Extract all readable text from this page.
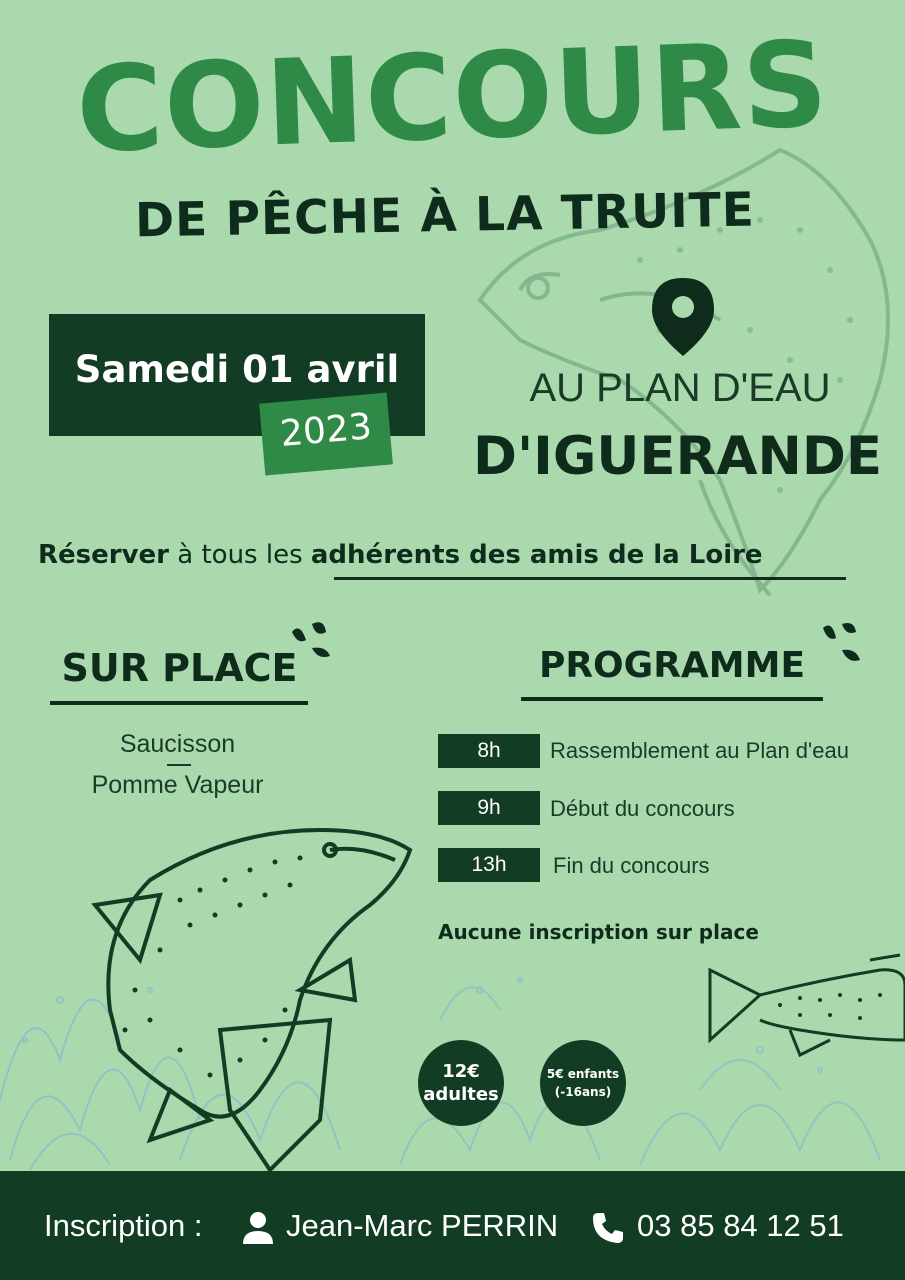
CONCOURS
DE PÊCHE À LA TRUITE
Samedi 01 avril
2023
AU PLAN D'EAU
D'IGUERANDE
Réserver à tous les adhérents des amis de la Loire
SUR PLACE
Saucisson
Pomme Vapeur
PROGRAMME
8h	Rassemblement au Plan d'eau
9h	Début du concours
13h	Fin du concours
Aucune inscription sur place
12€
adultes
5€ enfants
(-16ans)
Inscription :	Jean-Marc PERRIN	03 85 84 12 51
